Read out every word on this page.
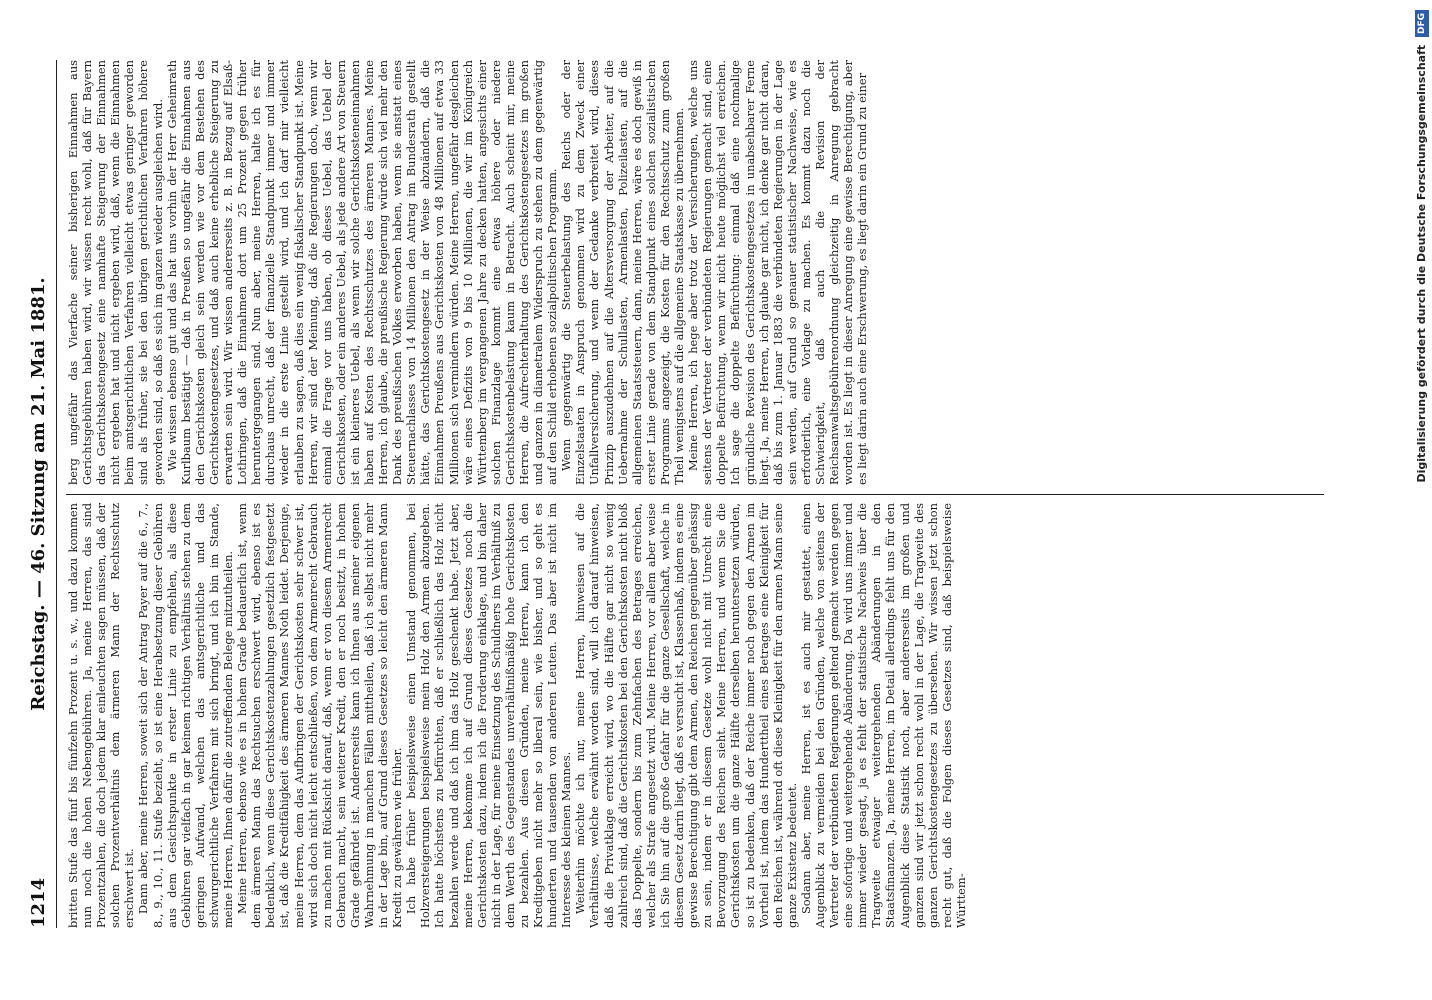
1214
Reichstag. — 46. Sitzung am 21. Mai 1881.

britten Stufe das fünf bis fünfzehn Prozent u. s. w., und dazu kommen nun noch die hohen Nebengebühren. Ja, meine Herren, das sind Prozentzahlen, die doch jedem klar einleuchten sagen müssen, daß der solchen Prozentverhältnis dem ärmeren Mann der Rechtsschutz erschwert ist. Dann aber, meine Herren, soweit sich der Antrag Payer auf die 6., 7., 8., 9., 10., 11. Stufe bezieht, so ist eine Herabsetzung dieser Gebühren aus dem Gesichtspunkte in erster Linie zu empfehlen, als diese Gebühren gar vielfach in gar keinem richtigen Verhältnis stehen zu dem geringen Aufwand, welchen das amtsgerichtliche und das schwurgerichtliche Verfahren mit sich bringt, und ich bin im Stande, meine Herren, Ihnen dafür die zutreffenden Belege mitzutheilen. Meine Herren, ebenso wie es in hohem Grade bedauerlich ist, wenn dem ärmeren Mann das Rechtsuchen erschwert wird, ebenso ist es bedenklich, wenn diese Gerichtskostenzahlungen gesetzlich festgesetzt ist, daß die Kreditfähigkeit des ärmeren Mannes Noth leidet. Derjenige, meine Herren, dem das Aufbringen der Gerichtskosten sehr schwer ist, wird sich doch nicht leicht entschließen, von dem Armenrecht Gebrauch zu machen mit Rücksicht darauf, daß, wenn er von diesem Armenrecht Gebrauch macht, sein weiterer Kredit, den er noch besitzt, in hohem Grade gefährdet ist. Andererseits kann ich Ihnen aus meiner eigenen Wahrnehmung in manchen Fällen mittheilen, daß ich selbst nicht mehr in der Lage bin, auf Grund dieses Gesetzes so leicht den ärmeren Mann Kredit zu gewähren wie früher. Ich habe früher beispielsweise einen Umstand genommen, bei Holzversteigerungen beispielsweise mein Holz den Armen abzugeben. Ich hatte höchstens zu befürchten, daß er schließlich das Holz nicht bezahlen werde und daß ich ihm das Holz geschenkt habe. Jetzt aber, meine Herren, bekomme ich auf Grund dieses Gesetzes noch die Gerichtskosten dazu, indem ich die Forderung einklage, und bin daher nicht in der Lage, für meine Einsetzung des Schuldners im Verhältniß zu dem Werth des Gegenstandes unverhältnißmäßig hohe Gerichtskosten zu bezahlen. Aus diesen Gründen, meine Herren, kann ich den Kreditgeben nicht mehr so liberal sein, wie bisher, und so geht es hunderten und tausenden von anderen Leuten. Das aber ist nicht im Interesse des kleinen Mannes. Weiterhin möchte ich nur, meine Herren, hinweisen auf die Verhältnisse, welche erwähnt worden sind, will ich darauf hinweisen, daß die Privatklage erreicht wird, wo die Hälfte gar nicht so wenig zahlreich sind, daß die Gerichtskosten bei den Gerichtskosten nicht bloß das Doppelte, sondern bis zum Zehnfachen des Betrages erreichen, welcher als Strafe angesetzt wird. Meine Herren, vor allem aber weise ich Sie hin auf die große Gefahr für die ganze Gesellschaft, welche in diesem Gesetz darin liegt, daß es versucht ist, Klassenhaß, indem es eine gewisse Berechtigung gibt dem Armen, den Reichen gegenüber gehässig zu sein, indem er in diesem Gesetze wohl nicht mit Unrecht eine Bevorzugung des Reichen sieht. Meine Herren, und wenn Sie die Gerichtskosten um die ganze Hälfte derselben heruntersetzen würden, so ist zu bedenken, daß der Reiche immer noch gegen den Armen im Vortheil ist, indem das Hunderttheil eines Betrages eine Kleinigkeit für den Reichen ist, während oft diese Kleinigkeit für den armen Mann seine ganze Existenz bedeutet. Sodann aber, meine Herren, ist es auch mir gestattet, einen Augenblick zu vermeiden bei den Gründen, welche von seitens der Vertreter der verbündeten Regierungen geltend gemacht werden gegen eine sofortige und weitergehende Abänderung. Da wird uns immer und immer wieder gesagt, ja es fehlt der statistische Nachweis über die Tragweite etwaiger weitergehenden Abänderungen in den Staatsfinanzen. Ja, meine Herren, im Detail allerdings fehlt uns für den Augenblick diese Statistik noch, aber andererseits im großen und ganzen sind wir jetzt schon recht wohl in der Lage, die Tragweite des ganzen Gerichtskostengesetzes zu übersehen. Wir wissen jetzt schon recht gut, daß die Folgen dieses Gesetzes sind, daß beispielsweise Württem-

berg ungefähr das Vierfache seiner bisherigen Einnahmen aus Gerichtsgebühren haben wird, wir wissen recht wohl, daß für Bayern das Gerichtskostengesetz eine namhafte Steigerung der Einnahmen nicht ergeben hat und nicht ergeben wird, daß, wenn die Einnahmen beim amtsgerichtlichen Verfahren vielleicht etwas geringer geworden sind als früher, sie bei den übrigen gerichtlichen Verfahren höhere geworden sind, so daß es sich im ganzen wieder ausgleichen wird. Wie wissen ebenso gut und das hat uns vorhin der Herr Geheimrath Kurlbaum bestätigt — daß in Preußen so ungefähr die Einnahmen aus den Gerichtskosten gleich sein werden wie vor dem Bestehen des Gerichtskostengesetzes, und daß auch keine erhebliche Steigerung zu erwarten sein wird. Wir wissen andererseits z. B. in Bezug auf Elsaß-Lothringen, daß die Einnahmen dort um 25 Prozent gegen früher heruntergegangen sind. Nun aber, meine Herren, halte ich es für durchaus unrecht, daß der finanzielle Standpunkt immer und immer wieder in die erste Linie gestellt wird, und ich darf mir vielleicht erlauben zu sagen, daß dies ein wenig fiskalischer Standpunkt ist. Meine Herren, wir sind der Meinung, daß die Regierungen doch, wenn wir einmal die Frage vor uns haben, ob dieses Uebel, das Uebel der Gerichtskosten, oder ein anderes Uebel, als jede andere Art von Steuern ist ein kleineres Uebel, als wenn wir solche Gerichtskosteneinnahmen haben auf Kosten des Rechtsschutzes des ärmeren Mannes. Meine Herren, ich glaube, die preußische Regierung würde sich viel mehr den Dank des preußischen Volkes erworben haben, wenn sie anstatt eines Steuernachlasses von 14 Millionen den Antrag im Bundesrath gestellt hätte, das Gerichtskostengesetz in der Weise abzuändern, daß die Einnahmen Preußens aus Gerichtskosten von 48 Millionen auf etwa 33 Millionen sich vermindern würden. Meine Herren, ungefähr desgleichen wäre eines Defizits von 9 bis 10 Millionen, die wir im Königreich Württemberg im vergangenen Jahre zu decken hatten, angesichts einer solchen Finanzlage kommt eine etwas höhere oder niedere Gerichtskostenbelastung kaum in Betracht. Auch scheint mir, meine Herren, die Aufrechterhaltung des Gerichtskostengesetzes im großen und ganzen in diametralem Widerspruch zu stehen zu dem gegenwärtig auf den Schild erhobenen sozialpolitischen Programm. Wenn gegenwärtig die Steuerbelastung des Reichs oder der Einzelstaaten in Anspruch genommen wird zu dem Zweck einer Unfallversicherung, und wenn der Gedanke verbreitet wird, dieses Prinzip auszudehnen auf die Altersversorgung der Arbeiter, auf die Uebernahme der Schullasten, Armenlasten, Polizeilasten, auf die allgemeinen Staatssteuern, dann, meine Herren, wäre es doch gewiß in erster Linie gerade von dem Standpunkt eines solchen sozialistischen Programms angezeigt, die Kosten für den Rechtsschutz zum großen Theil wenigstens auf die allgemeine Staatskasse zu übernehmen. Meine Herren, ich hege aber trotz der Versicherungen, welche uns seitens der Vertreter der verbündeten Regierungen gemacht sind, eine doppelte Befürchtung, wenn wir nicht heute möglichst viel erreichen. Ich sage die doppelte Befürchtung: einmal daß eine nochmalige gründliche Revision des Gerichtskostengesetzes in unabsehbarer Ferne liegt. Ja, meine Herren, ich glaube gar nicht, ich denke gar nicht daran, daß bis zum 1. Januar 1883 die verbündeten Regierungen in der Lage sein werden, auf Grund so genauer statistischer Nachweise, wie es erforderlich, eine Vorlage zu machen. Es kommt dazu noch die Schwierigkeit, daß auch die Revision der Reichsanwaltsgebührenordnung gleichzeitig in Anregung gebracht worden ist. Es liegt in dieser Anregung eine gewisse Berechtigung, aber es liegt darin auch eine Erschwerung, es liegt darin ein Grund zu einer	Digitalisierung gefördert durch die Deutsche Forschungsgemeinschaft DFG
